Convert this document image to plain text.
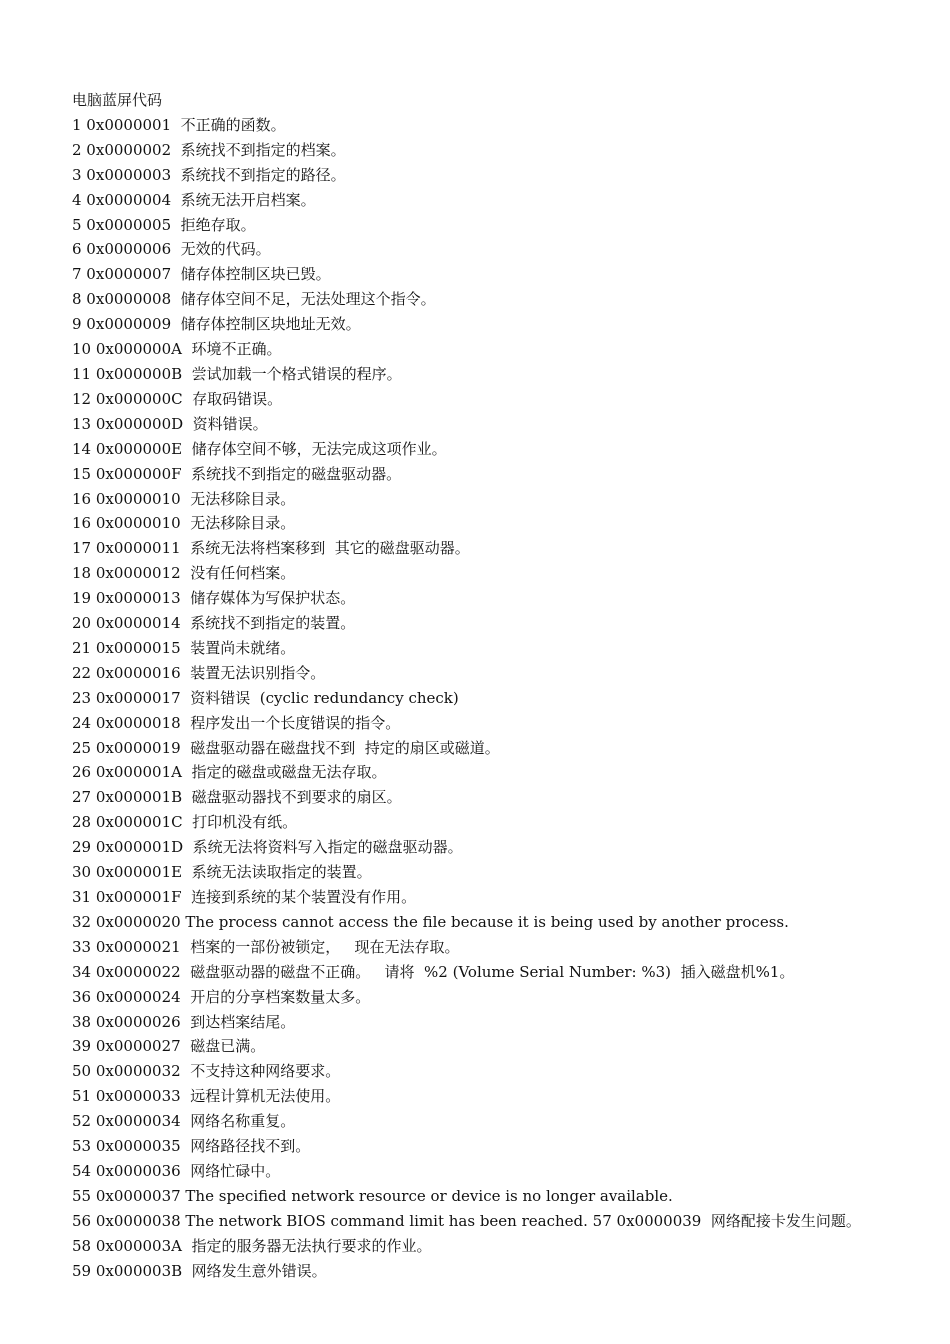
电脑蓝屏代码
1 0x0000001  不正确的函数。
2 0x0000002  系统找不到指定的档案。
3 0x0000003  系统找不到指定的路径。
4 0x0000004  系统无法开启档案。
5 0x0000005  拒绝存取。
6 0x0000006  无效的代码。
7 0x0000007  储存体控制区块已毁。
8 0x0000008  储存体空间不足，无法处理这个指令。
9 0x0000009  储存体控制区块地址无效。
10 0x000000A  环境不正确。
11 0x000000B  尝试加载一个格式错误的程序。
12 0x000000C  存取码错误。
13 0x000000D  资料错误。
14 0x000000E  储存体空间不够，无法完成这项作业。
15 0x000000F  系统找不到指定的磁盘驱动器。
16 0x0000010  无法移除目录。
16 0x0000010  无法移除目录。
17 0x0000011  系统无法将档案移到  其它的磁盘驱动器。
18 0x0000012  没有任何档案。
19 0x0000013  储存媒体为写保护状态。
20 0x0000014  系统找不到指定的装置。
21 0x0000015  装置尚未就绪。
22 0x0000016  装置无法识别指令。
23 0x0000017  资料错误  (cyclic redundancy check)
24 0x0000018  程序发出一个长度错误的指令。
25 0x0000019  磁盘驱动器在磁盘找不到  持定的扇区或磁道。
26 0x000001A  指定的磁盘或磁盘无法存取。
27 0x000001B  磁盘驱动器找不到要求的扇区。
28 0x000001C  打印机没有纸。
29 0x000001D  系统无法将资料写入指定的磁盘驱动器。
30 0x000001E  系统无法读取指定的装置。
31 0x000001F  连接到系统的某个装置没有作用。
32 0x0000020 The process cannot access the file because it is being used by another process.
33 0x0000021  档案的一部份被锁定，   现在无法存取。
34 0x0000022  磁盘驱动器的磁盘不正确。   请将  %2 (Volume Serial Number: %3)  插入磁盘机%1。
36 0x0000024  开启的分享档案数量太多。
38 0x0000026  到达档案结尾。
39 0x0000027  磁盘已满。
50 0x0000032  不支持这种网络要求。
51 0x0000033  远程计算机无法使用。
52 0x0000034  网络名称重复。
53 0x0000035  网络路径找不到。
54 0x0000036  网络忙碌中。
55 0x0000037 The specified network resource or device is no longer available.
56 0x0000038 The network BIOS command limit has been reached. 57 0x0000039  网络配接卡发生问题。
58 0x000003A  指定的服务器无法执行要求的作业。
59 0x000003B  网络发生意外错误。
